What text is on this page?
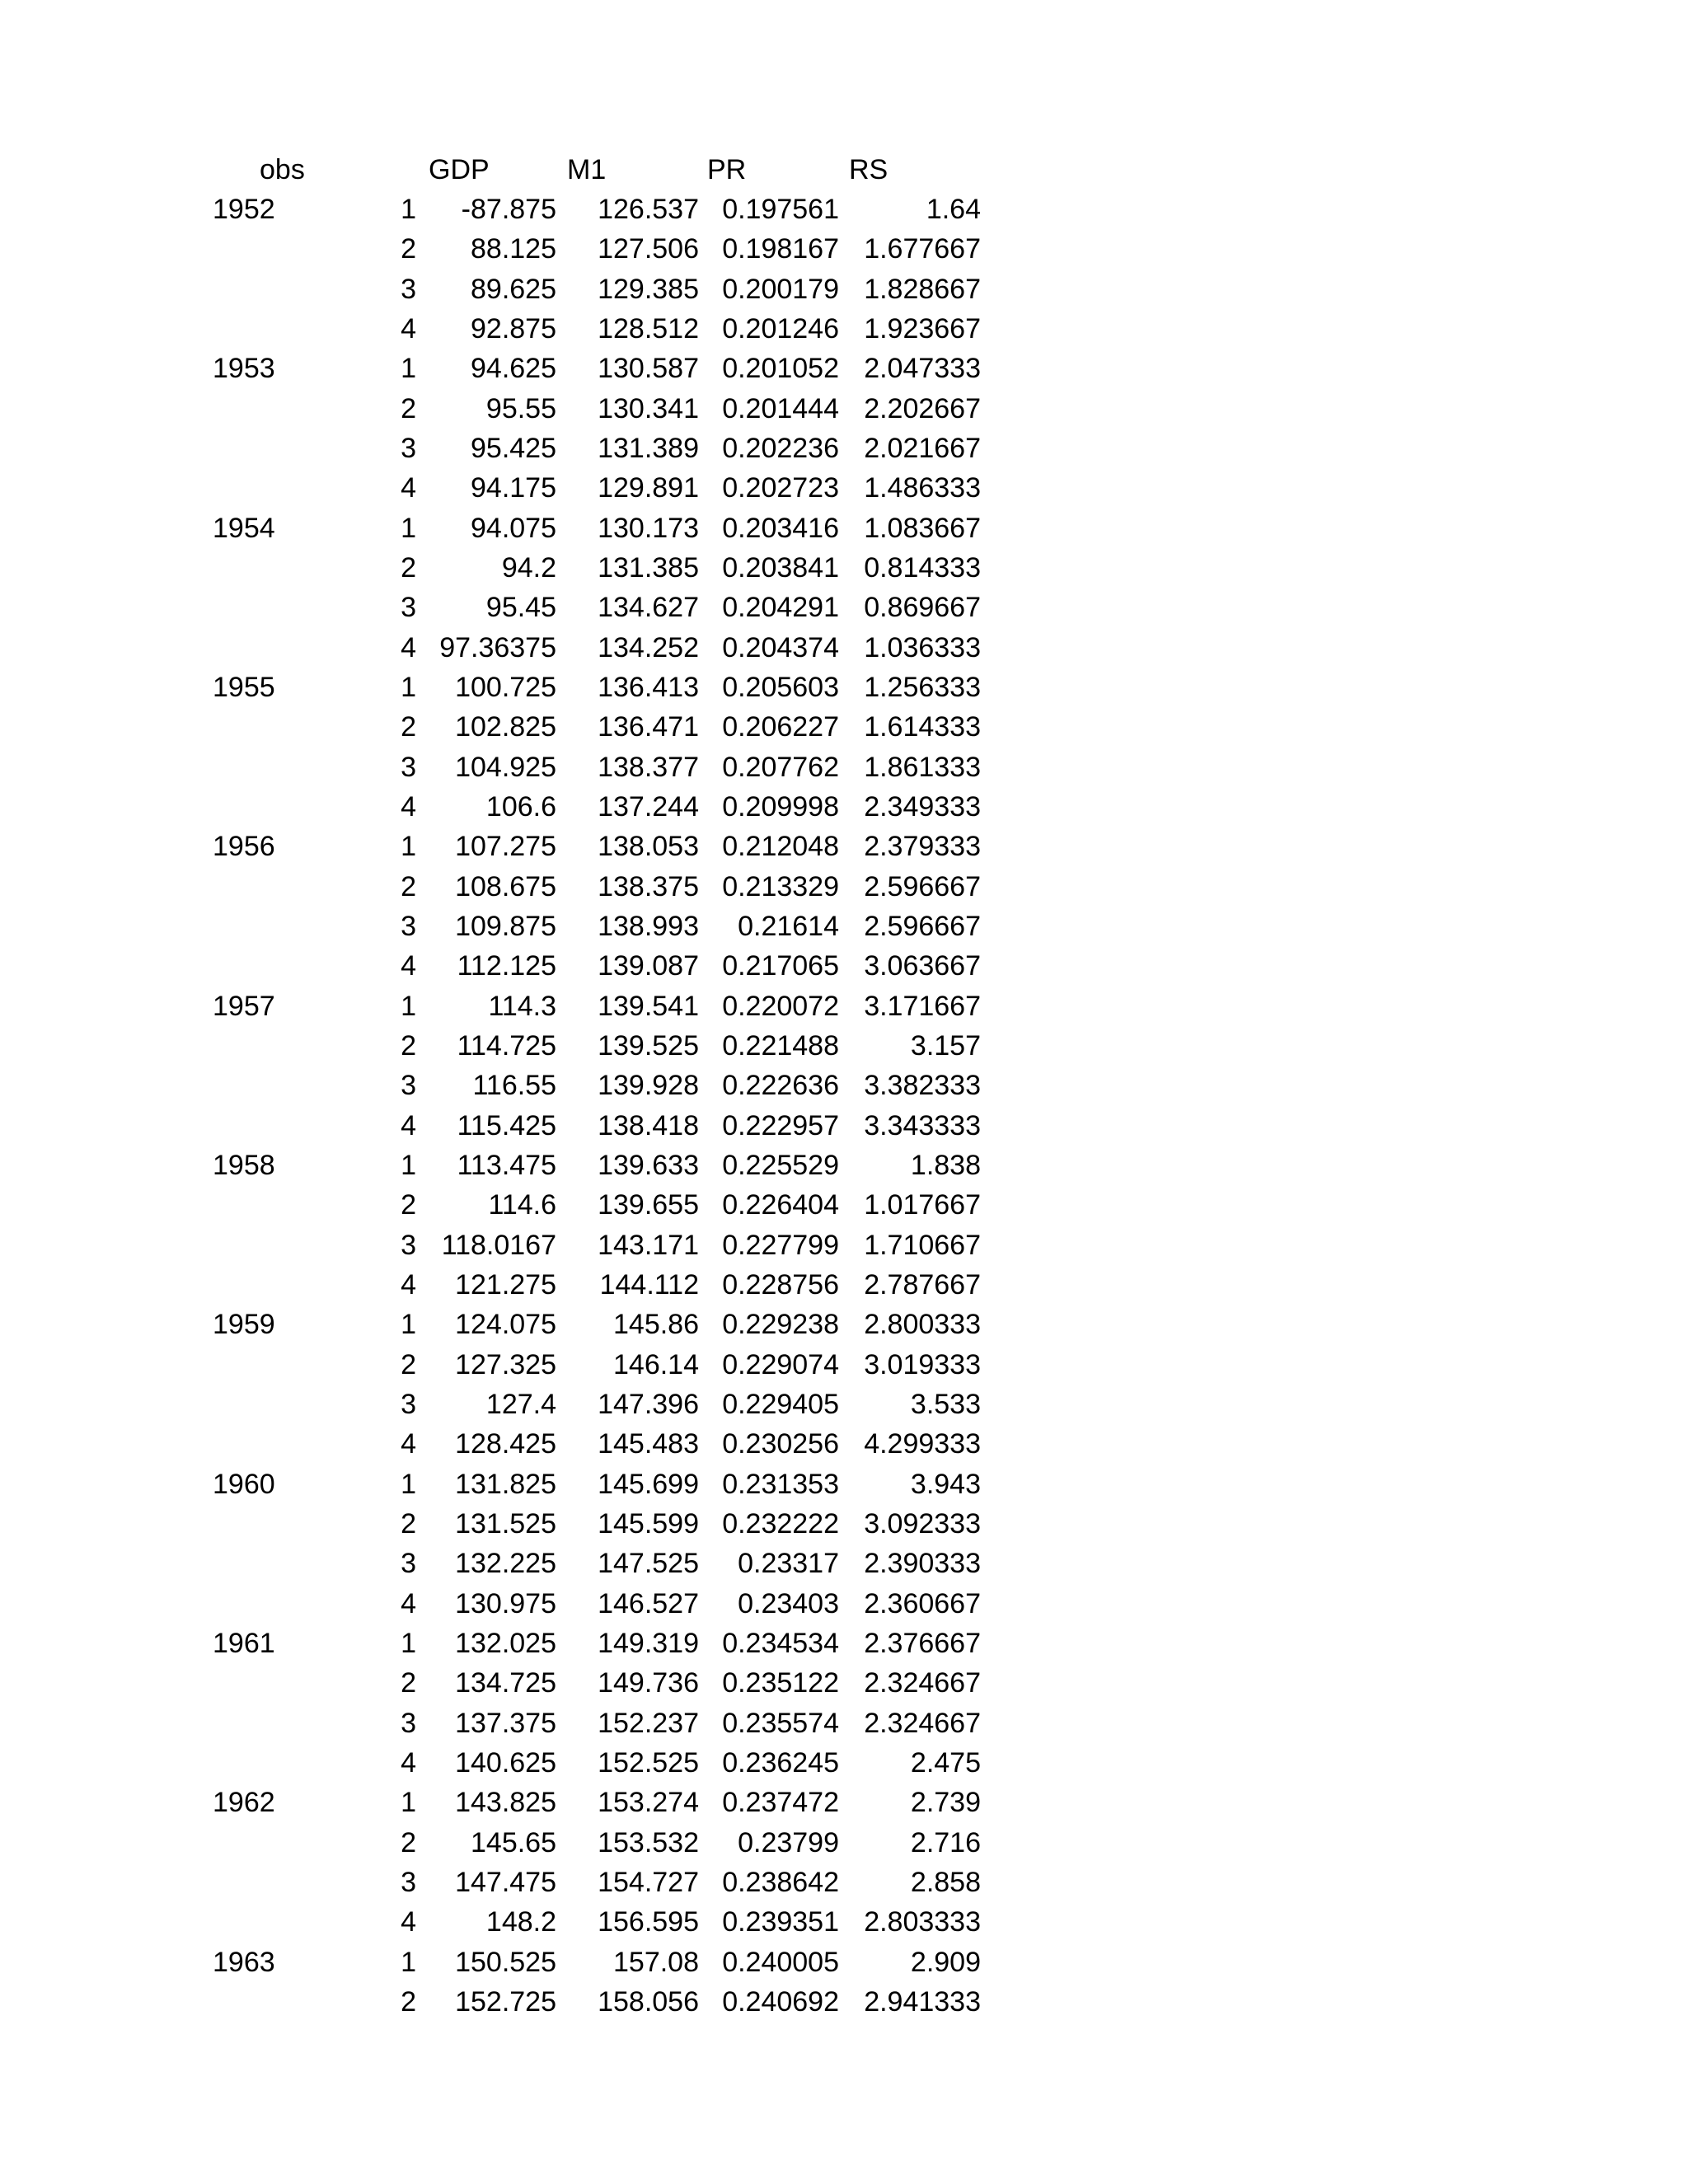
obs	GDP	M1	PR	RS
1952	1	-87.875	126.537 0.197561	1.64
2	88.125	127.506 0.198167 1.677667
3	89.625	129.385 0.200179 1.828667
4	92.875	128.512 0.201246 1.923667
1953	1	94.625	130.587 0.201052 2.047333
2	95.55	130.341 0.201444 2.202667
3	95.425	131.389 0.202236 2.021667
4	94.175	129.891 0.202723 1.486333
1954	1	94.075	130.173 0.203416 1.083667
2	94.2	131.385 0.203841 0.814333
3	95.45	134.627 0.204291 0.869667
4 97.36375	134.252 0.204374 1.036333
1955	1	100.725	136.413 0.205603 1.256333
2	102.825	136.471 0.206227 1.614333
3	104.925	138.377 0.207762 1.861333
4	106.6	137.244 0.209998 2.349333
1956	1	107.275	138.053 0.212048 2.379333
2	108.675	138.375 0.213329 2.596667
3	109.875	138.993	0.21614 2.596667
4	112.125	139.087 0.217065 3.063667
1957	1	114.3	139.541 0.220072 3.171667
2	114.725	139.525 0.221488	3.157
3	116.55	139.928 0.222636 3.382333
4	115.425	138.418 0.222957 3.343333
1958	1	113.475	139.633 0.225529	1.838
2	114.6	139.655 0.226404 1.017667
3 118.0167	143.171 0.227799 1.710667
4	121.275	144.112 0.228756 2.787667
1959	1	124.075	145.86 0.229238 2.800333
2	127.325	146.14 0.229074 3.019333
3	127.4	147.396 0.229405	3.533
4	128.425	145.483 0.230256 4.299333
1960	1	131.825	145.699 0.231353	3.943
2	131.525	145.599 0.232222 3.092333
3	132.225	147.525	0.23317 2.390333
4	130.975	146.527	0.23403 2.360667
1961	1	132.025	149.319 0.234534 2.376667
2	134.725	149.736 0.235122 2.324667
3	137.375	152.237 0.235574 2.324667
4	140.625	152.525 0.236245	2.475
1962	1	143.825	153.274 0.237472	2.739
2	145.65	153.532	0.23799	2.716
3	147.475	154.727 0.238642	2.858
4	148.2	156.595 0.239351 2.803333
1963	1	150.525	157.08 0.240005	2.909
2	152.725	158.056 0.240692 2.941333
